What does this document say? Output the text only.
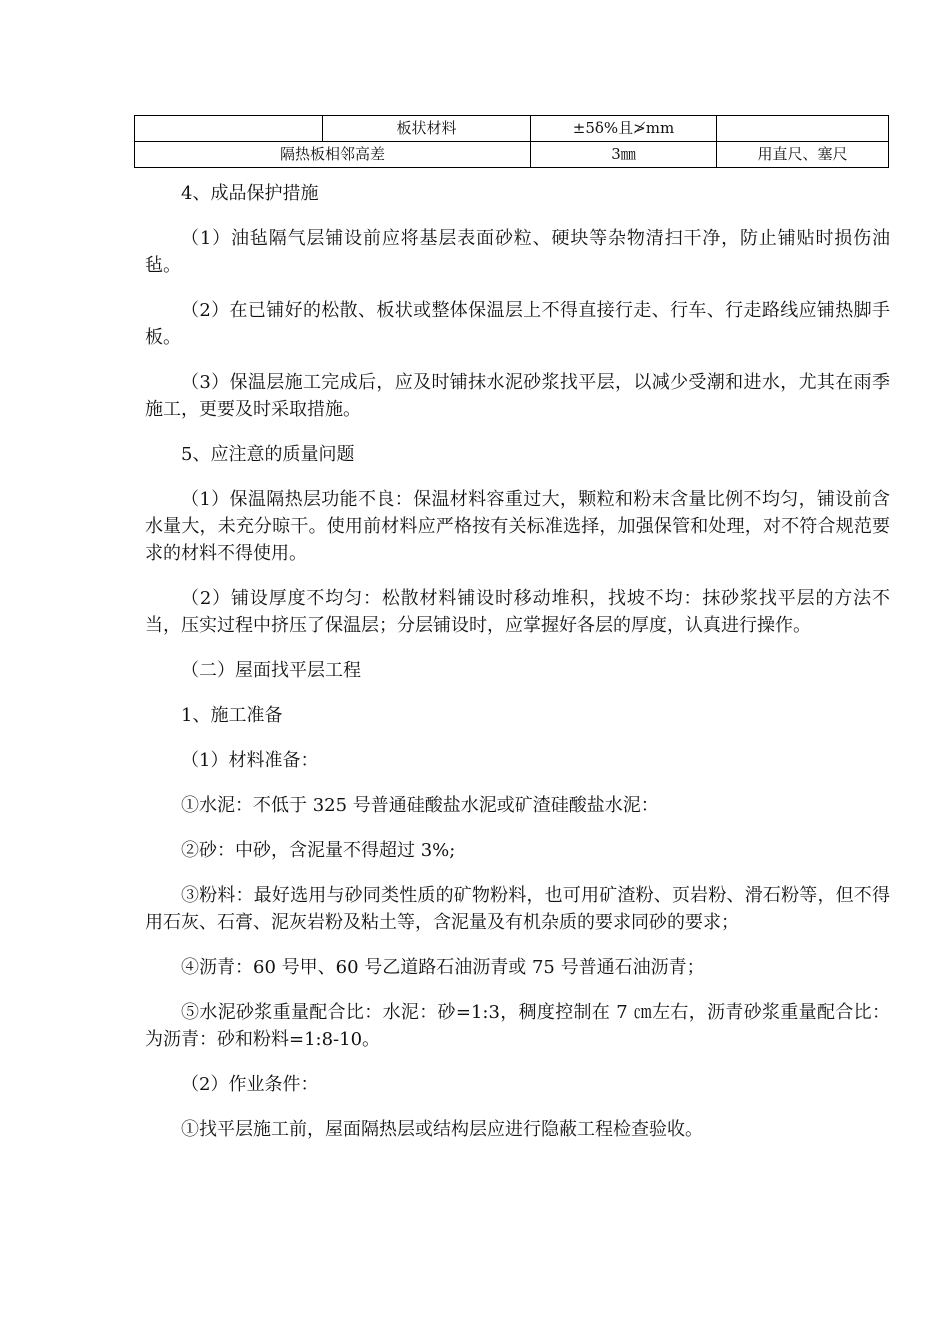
	板状材料	±5δ%且≯mm	
隔热板相邻高差		3㎜	用直尺、塞尺

4、成品保护措施

（1）油毡隔气层铺设前应将基层表面砂粒、硬块等杂物清扫干净，防止铺贴时损伤油毡。

（2）在已铺好的松散、板状或整体保温层上不得直接行走、行车、行走路线应铺热脚手板。

（3）保温层施工完成后，应及时铺抹水泥砂浆找平层，以减少受潮和进水，尤其在雨季施工，更要及时采取措施。

5、应注意的质量问题

（1）保温隔热层功能不良：保温材料容重过大，颗粒和粉末含量比例不均匀，铺设前含水量大，未充分晾干。使用前材料应严格按有关标准选择，加强保管和处理，对不符合规范要求的材料不得使用。

（2）铺设厚度不均匀：松散材料铺设时移动堆积，找坡不均：抹砂浆找平层的方法不当，压实过程中挤压了保温层；分层铺设时，应掌握好各层的厚度，认真进行操作。

（二）屋面找平层工程

1、施工准备

（1）材料准备：

①水泥：不低于 325 号普通硅酸盐水泥或矿渣硅酸盐水泥：

②砂：中砂，含泥量不得超过 3%;

③粉料：最好选用与砂同类性质的矿物粉料，也可用矿渣粉、页岩粉、滑石粉等，但不得用石灰、石膏、泥灰岩粉及粘土等，含泥量及有机杂质的要求同砂的要求；

④沥青：60 号甲、60 号乙道路石油沥青或 75 号普通石油沥青；

⑤水泥砂浆重量配合比：水泥：砂=1:3，稠度控制在 7 ㎝左右，沥青砂浆重量配合比：为沥青：砂和粉料=1:8-10。

（2）作业条件：

①找平层施工前，屋面隔热层或结构层应进行隐蔽工程检查验收。
